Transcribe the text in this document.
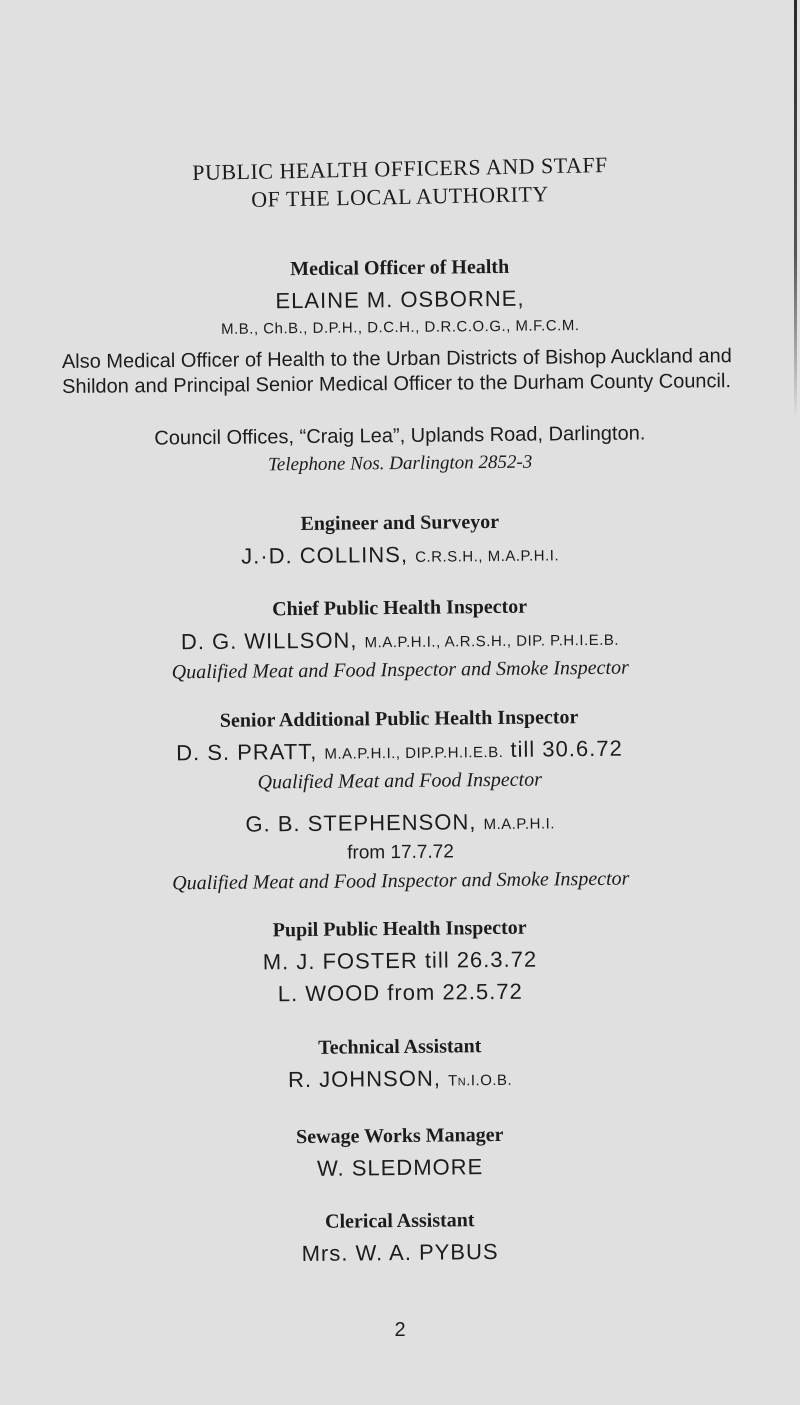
PUBLIC HEALTH OFFICERS AND STAFF
OF THE LOCAL AUTHORITY
Medical Officer of Health
ELAINE M. OSBORNE,
M.B., Ch.B., D.P.H., D.C.H., D.R.C.O.G., M.F.C.M.
Also Medical Officer of Health to the Urban Districts of Bishop Auckland and Shildon and Principal Senior Medical Officer to the Durham County Council.
Council Offices, “Craig Lea”, Uplands Road, Darlington.
Telephone Nos. Darlington 2852-3
Engineer and Surveyor
J.·D. COLLINS, C.R.S.H., M.A.P.H.I.
Chief Public Health Inspector
D. G. WILLSON, M.A.P.H.I., A.R.S.H., DIP. P.H.I.E.B.
Qualified Meat and Food Inspector and Smoke Inspector
Senior Additional Public Health Inspector
D. S. PRATT, M.A.P.H.I., DIP.P.H.I.E.B. till 30.6.72
Qualified Meat and Food Inspector
G. B. STEPHENSON, M.A.P.H.I.
from 17.7.72
Qualified Meat and Food Inspector and Smoke Inspector
Pupil Public Health Inspector
M. J. FOSTER till 26.3.72
L. WOOD from 22.5.72
Technical Assistant
R. JOHNSON, Tn.I.O.B.
Sewage Works Manager
W. SLEDMORE
Clerical Assistant
Mrs. W. A. PYBUS
2
